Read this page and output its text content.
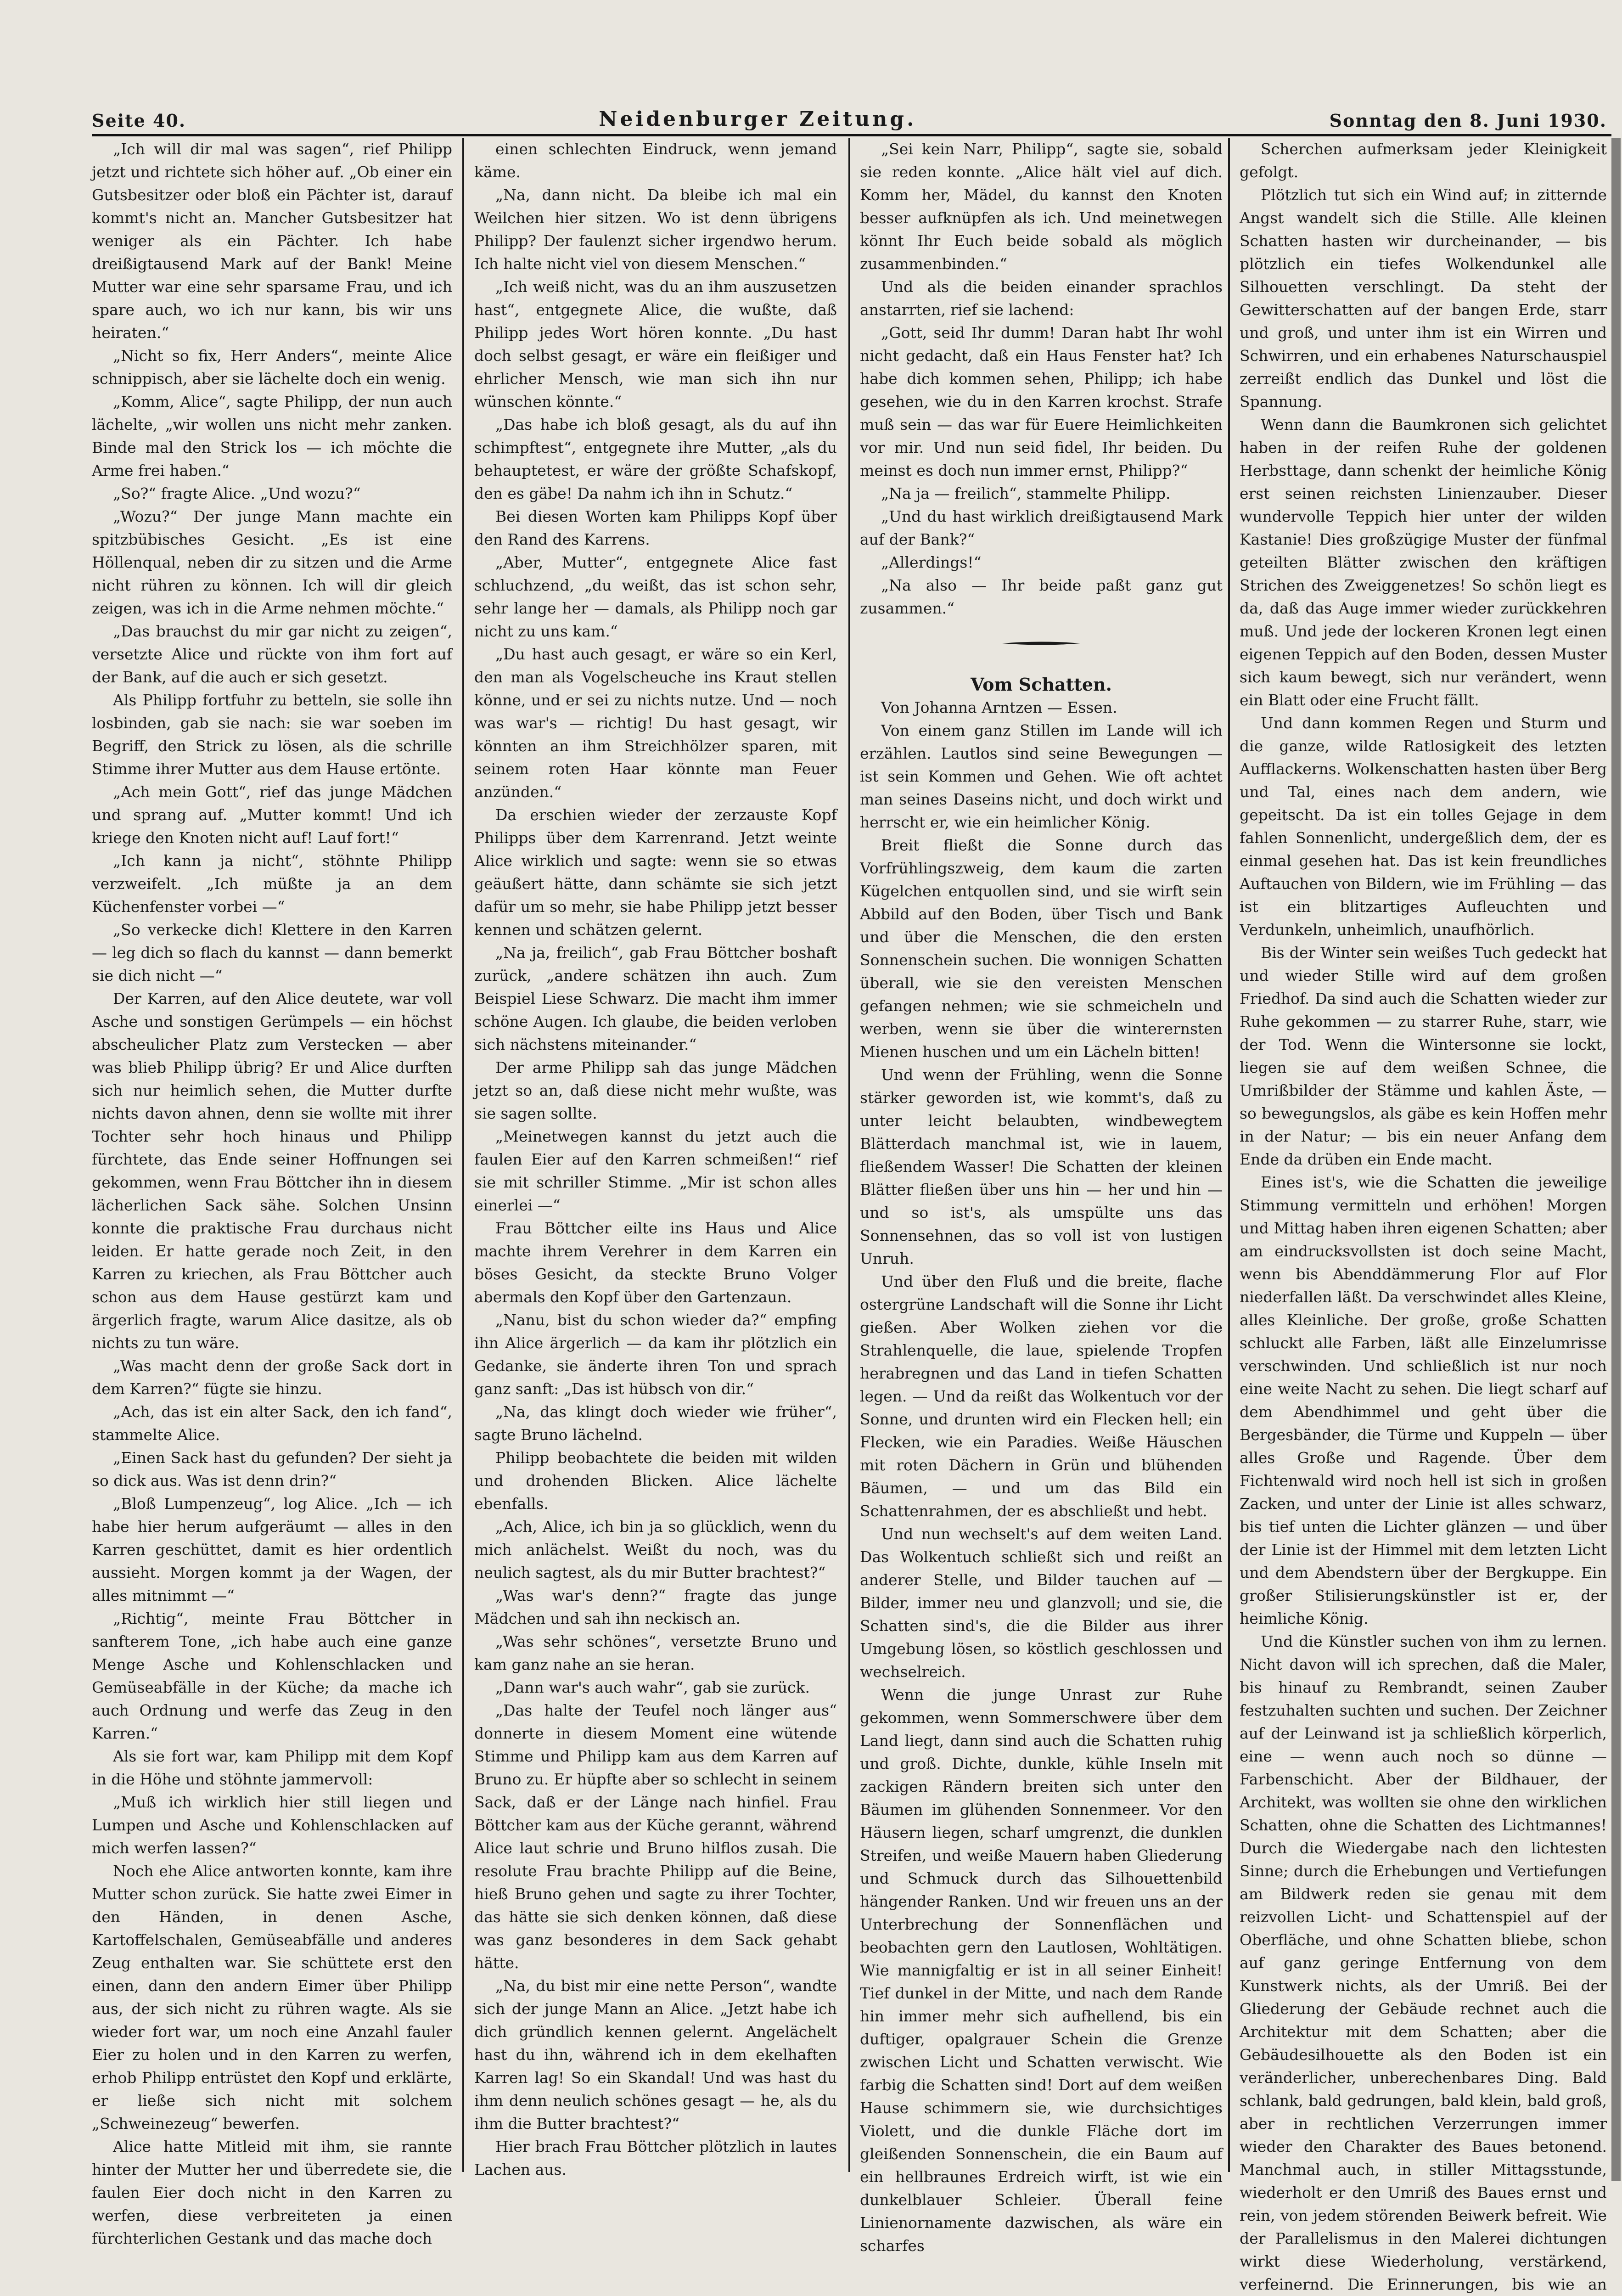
Seite 40.	Neidenburger Zeitung.	Sonntag den 8. Juni 1930.

„Ich will dir mal was sagen“, rief Philipp jetzt und richtete sich höher auf. „Ob einer ein Gutsbesitzer oder bloß ein Pächter ist, darauf kommt's nicht an. Mancher Gutsbesitzer hat weniger als ein Pächter. Ich habe dreißigtausend Mark auf der Bank! Meine Mutter war eine sehr sparsame Frau, und ich spare auch, wo ich nur kann, bis wir uns heiraten.“

„Nicht so fix, Herr Anders“, meinte Alice schnippisch, aber sie lächelte doch ein wenig.

„Komm, Alice“, sagte Philipp, der nun auch lächelte, „wir wollen uns nicht mehr zanken. Binde mal den Strick los — ich möchte die Arme frei haben.“

„So?“ fragte Alice. „Und wozu?“

„Wozu?“ Der junge Mann machte ein spitzbübisches Gesicht. „Es ist eine Höllenqual, neben dir zu sitzen und die Arme nicht rühren zu können. Ich will dir gleich zeigen, was ich in die Arme nehmen möchte.“

„Das brauchst du mir gar nicht zu zeigen“, versetzte Alice und rückte von ihm fort auf der Bank, auf die auch er sich gesetzt.

Als Philipp fortfuhr zu betteln, sie solle ihn losbinden, gab sie nach: sie war soeben im Begriff, den Strick zu lösen, als die schrille Stimme ihrer Mutter aus dem Hause ertönte.

„Ach mein Gott“, rief das junge Mädchen und sprang auf. „Mutter kommt! Und ich kriege den Knoten nicht auf! Lauf fort!“

„Ich kann ja nicht“, stöhnte Philipp verzweifelt. „Ich müßte ja an dem Küchenfenster vorbei —“

„So verkecke dich! Klettere in den Karren — leg dich so flach du kannst — dann bemerkt sie dich nicht —“

Der Karren, auf den Alice deutete, war voll Asche und sonstigen Gerümpels — ein höchst abscheulicher Platz zum Verstecken — aber was blieb Philipp übrig? Er und Alice durften sich nur heimlich sehen, die Mutter durfte nichts davon ahnen, denn sie wollte mit ihrer Tochter sehr hoch hinaus und Philipp fürchtete, das Ende seiner Hoffnungen sei gekommen, wenn Frau Böttcher ihn in diesem lächerlichen Sack sähe. Solchen Unsinn konnte die praktische Frau durchaus nicht leiden. Er hatte gerade noch Zeit, in den Karren zu kriechen, als Frau Böttcher auch schon aus dem Hause gestürzt kam und ärgerlich fragte, warum Alice dasitze, als ob nichts zu tun wäre.

„Was macht denn der große Sack dort in dem Karren?“ fügte sie hinzu.

„Ach, das ist ein alter Sack, den ich fand“, stammelte Alice.

„Einen Sack hast du gefunden? Der sieht ja so dick aus. Was ist denn drin?“

„Bloß Lumpenzeug“, log Alice. „Ich — ich habe hier herum aufgeräumt — alles in den Karren geschüttet, damit es hier ordentlich aussieht. Morgen kommt ja der Wagen, der alles mitnimmt —“

„Richtig“, meinte Frau Böttcher in sanfterem Tone, „ich habe auch eine ganze Menge Asche und Kohlenschlacken und Gemüseabfälle in der Küche; da mache ich auch Ordnung und werfe das Zeug in den Karren.“

Als sie fort war, kam Philipp mit dem Kopf in die Höhe und stöhnte jammervoll:

„Muß ich wirklich hier still liegen und Lumpen und Asche und Kohlenschlacken auf mich werfen lassen?“

Noch ehe Alice antworten konnte, kam ihre Mutter schon zurück. Sie hatte zwei Eimer in den Händen, in denen Asche, Kartoffelschalen, Gemüseabfälle und anderes Zeug enthalten war. Sie schüttete erst den einen, dann den andern Eimer über Philipp aus, der sich nicht zu rühren wagte. Als sie wieder fort war, um noch eine Anzahl fauler Eier zu holen und in den Karren zu werfen, erhob Philipp entrüstet den Kopf und erklärte, er ließe sich nicht mit solchem „Schweinezeug“ bewerfen.

Alice hatte Mitleid mit ihm, sie rannte hinter der Mutter her und überredete sie, die faulen Eier doch nicht in den Karren zu werfen, diese verbreiteten ja einen fürchterlichen Gestank und das mache doch

einen schlechten Eindruck, wenn jemand käme.

„Na, dann nicht. Da bleibe ich mal ein Weilchen hier sitzen. Wo ist denn übrigens Philipp? Der faulenzt sicher irgendwo herum. Ich halte nicht viel von diesem Menschen.“

„Ich weiß nicht, was du an ihm auszusetzen hast“, entgegnete Alice, die wußte, daß Philipp jedes Wort hören konnte. „Du hast doch selbst gesagt, er wäre ein fleißiger und ehrlicher Mensch, wie man sich ihn nur wünschen könnte.“

„Das habe ich bloß gesagt, als du auf ihn schimpftest“, entgegnete ihre Mutter, „als du behauptetest, er wäre der größte Schafskopf, den es gäbe! Da nahm ich ihn in Schutz.“

Bei diesen Worten kam Philipps Kopf über den Rand des Karrens.

„Aber, Mutter“, entgegnete Alice fast schluchzend, „du weißt, das ist schon sehr, sehr lange her — damals, als Philipp noch gar nicht zu uns kam.“

„Du hast auch gesagt, er wäre so ein Kerl, den man als Vogelscheuche ins Kraut stellen könne, und er sei zu nichts nutze. Und — noch was war's — richtig! Du hast gesagt, wir könnten an ihm Streichhölzer sparen, mit seinem roten Haar könnte man Feuer anzünden.“

Da erschien wieder der zerzauste Kopf Philipps über dem Karrenrand. Jetzt weinte Alice wirklich und sagte: wenn sie so etwas geäußert hätte, dann schämte sie sich jetzt dafür um so mehr, sie habe Philipp jetzt besser kennen und schätzen gelernt.

„Na ja, freilich“, gab Frau Böttcher boshaft zurück, „andere schätzen ihn auch. Zum Beispiel Liese Schwarz. Die macht ihm immer schöne Augen. Ich glaube, die beiden verloben sich nächstens miteinander.“

Der arme Philipp sah das junge Mädchen jetzt so an, daß diese nicht mehr wußte, was sie sagen sollte.

„Meinetwegen kannst du jetzt auch die faulen Eier auf den Karren schmeißen!“ rief sie mit schriller Stimme. „Mir ist schon alles einerlei —“

Frau Böttcher eilte ins Haus und Alice machte ihrem Verehrer in dem Karren ein böses Gesicht, da steckte Bruno Volger abermals den Kopf über den Gartenzaun.

„Nanu, bist du schon wieder da?“ empfing ihn Alice ärgerlich — da kam ihr plötzlich ein Gedanke, sie änderte ihren Ton und sprach ganz sanft: „Das ist hübsch von dir.“

„Na, das klingt doch wieder wie früher“, sagte Bruno lächelnd.

Philipp beobachtete die beiden mit wilden und drohenden Blicken. Alice lächelte ebenfalls.

„Ach, Alice, ich bin ja so glücklich, wenn du mich anlächelst. Weißt du noch, was du neulich sagtest, als du mir Butter brachtest?“

„Was war's denn?“ fragte das junge Mädchen und sah ihn neckisch an.

„Was sehr schönes“, versetzte Bruno und kam ganz nahe an sie heran.

„Dann war's auch wahr“, gab sie zurück.

„Das halte der Teufel noch länger aus“ donnerte in diesem Moment eine wütende Stimme und Philipp kam aus dem Karren auf Bruno zu. Er hüpfte aber so schlecht in seinem Sack, daß er der Länge nach hinfiel. Frau Böttcher kam aus der Küche gerannt, während Alice laut schrie und Bruno hilflos zusah. Die resolute Frau brachte Philipp auf die Beine, hieß Bruno gehen und sagte zu ihrer Tochter, das hätte sie sich denken können, daß diese was ganz besonderes in dem Sack gehabt hätte.

„Na, du bist mir eine nette Person“, wandte sich der junge Mann an Alice. „Jetzt habe ich dich gründlich kennen gelernt. Angelächelt hast du ihn, während ich in dem ekelhaften Karren lag! So ein Skandal! Und was hast du ihm denn neulich schönes gesagt — he, als du ihm die Butter brachtest?“

Hier brach Frau Böttcher plötzlich in lautes Lachen aus.

„Sei kein Narr, Philipp“, sagte sie, sobald sie reden konnte. „Alice hält viel auf dich. Komm her, Mädel, du kannst den Knoten besser aufknüpfen als ich. Und meinetwegen könnt Ihr Euch beide sobald als möglich zusammenbinden.“

Und als die beiden einander sprachlos anstarrten, rief sie lachend:

„Gott, seid Ihr dumm! Daran habt Ihr wohl nicht gedacht, daß ein Haus Fenster hat? Ich habe dich kommen sehen, Philipp; ich habe gesehen, wie du in den Karren krochst. Strafe muß sein — das war für Euere Heimlichkeiten vor mir. Und nun seid fidel, Ihr beiden. Du meinst es doch nun immer ernst, Philipp?“

„Na ja — freilich“, stammelte Philipp.

„Und du hast wirklich dreißigtausend Mark auf der Bank?“

„Allerdings!“

„Na also — Ihr beide paßt ganz gut zusammen.“

Vom Schatten.

Von Johanna Arntzen — Essen.

Von einem ganz Stillen im Lande will ich erzählen. Lautlos sind seine Bewegungen — ist sein Kommen und Gehen. Wie oft achtet man seines Daseins nicht, und doch wirkt und herrscht er, wie ein heimlicher König.

Breit fließt die Sonne durch das Vorfrühlingszweig, dem kaum die zarten Kügelchen entquollen sind, und sie wirft sein Abbild auf den Boden, über Tisch und Bank und über die Menschen, die den ersten Sonnenschein suchen. Die wonnigen Schatten überall, wie sie den vereisten Menschen gefangen nehmen; wie sie schmeicheln und werben, wenn sie über die winterernsten Mienen huschen und um ein Lächeln bitten!

Und wenn der Frühling, wenn die Sonne stärker geworden ist, wie kommt's, daß zu unter leicht belaubten, windbewegtem Blätterdach manchmal ist, wie in lauem, fließendem Wasser! Die Schatten der kleinen Blätter fließen über uns hin — her und hin — und so ist's, als umspülte uns das Sonnensehnen, das so voll ist von lustigen Unruh.

Und über den Fluß und die breite, flache ostergrüne Landschaft will die Sonne ihr Licht gießen. Aber Wolken ziehen vor die Strahlenquelle, die laue, spielende Tropfen herabregnen und das Land in tiefen Schatten legen. — Und da reißt das Wolkentuch vor der Sonne, und drunten wird ein Flecken hell; ein Flecken, wie ein Paradies. Weiße Häuschen mit roten Dächern in Grün und blühenden Bäumen, — und um das Bild ein Schattenrahmen, der es abschließt und hebt.

Und nun wechselt's auf dem weiten Land. Das Wolkentuch schließt sich und reißt an anderer Stelle, und Bilder tauchen auf — Bilder, immer neu und glanzvoll; und sie, die Schatten sind's, die die Bilder aus ihrer Umgebung lösen, so köstlich geschlossen und wechselreich.

Wenn die junge Unrast zur Ruhe gekommen, wenn Sommerschwere über dem Land liegt, dann sind auch die Schatten ruhig und groß. Dichte, dunkle, kühle Inseln mit zackigen Rändern breiten sich unter den Bäumen im glühenden Sonnenmeer. Vor den Häusern liegen, scharf umgrenzt, die dunklen Streifen, und weiße Mauern haben Gliederung und Schmuck durch das Silhouettenbild hängender Ranken. Und wir freuen uns an der Unterbrechung der Sonnenflächen und beobachten gern den Lautlosen, Wohltätigen. Wie mannigfaltig er ist in all seiner Einheit! Tief dunkel in der Mitte, und nach dem Rande hin immer mehr sich aufhellend, bis ein duftiger, opalgrauer Schein die Grenze zwischen Licht und Schatten verwischt. Wie farbig die Schatten sind! Dort auf dem weißen Hause schimmern sie, wie durchsichtiges Violett, und die dunkle Fläche dort im gleißenden Sonnenschein, die ein Baum auf ein hellbraunes Erdreich wirft, ist wie ein dunkelblauer Schleier. Überall feine Linienornamente dazwischen, als wäre ein scharfes

Scherchen aufmerksam jeder Kleinigkeit gefolgt.

Plötzlich tut sich ein Wind auf; in zitternde Angst wandelt sich die Stille. Alle kleinen Schatten hasten wir durcheinander, — bis plötzlich ein tiefes Wolkendunkel alle Silhouetten verschlingt. Da steht der Gewitterschatten auf der bangen Erde, starr und groß, und unter ihm ist ein Wirren und Schwirren, und ein erhabenes Naturschauspiel zerreißt endlich das Dunkel und löst die Spannung.

Wenn dann die Baumkronen sich gelichtet haben in der reifen Ruhe der goldenen Herbsttage, dann schenkt der heimliche König erst seinen reichsten Linienzauber. Dieser wundervolle Teppich hier unter der wilden Kastanie! Dies großzügige Muster der fünfmal geteilten Blätter zwischen den kräftigen Strichen des Zweiggenetzes! So schön liegt es da, daß das Auge immer wieder zurückkehren muß. Und jede der lockeren Kronen legt einen eigenen Teppich auf den Boden, dessen Muster sich kaum bewegt, sich nur verändert, wenn ein Blatt oder eine Frucht fällt.

Und dann kommen Regen und Sturm und die ganze, wilde Ratlosigkeit des letzten Aufflackerns. Wolkenschatten hasten über Berg und Tal, eines nach dem andern, wie gepeitscht. Da ist ein tolles Gejage in dem fahlen Sonnenlicht, undergeßlich dem, der es einmal gesehen hat. Das ist kein freundliches Auftauchen von Bildern, wie im Frühling — das ist ein blitzartiges Aufleuchten und Verdunkeln, unheimlich, unaufhörlich.

Bis der Winter sein weißes Tuch gedeckt hat und wieder Stille wird auf dem großen Friedhof. Da sind auch die Schatten wieder zur Ruhe gekommen — zu starrer Ruhe, starr, wie der Tod. Wenn die Wintersonne sie lockt, liegen sie auf dem weißen Schnee, die Umrißbilder der Stämme und kahlen Äste, — so bewegungslos, als gäbe es kein Hoffen mehr in der Natur; — bis ein neuer Anfang dem Ende da drüben ein Ende macht.

Eines ist's, wie die Schatten die jeweilige Stimmung vermitteln und erhöhen! Morgen und Mittag haben ihren eigenen Schatten; aber am eindrucksvollsten ist doch seine Macht, wenn bis Abenddämmerung Flor auf Flor niederfallen läßt. Da verschwindet alles Kleine, alles Kleinliche. Der große, große Schatten schluckt alle Farben, läßt alle Einzelumrisse verschwinden. Und schließlich ist nur noch eine weite Nacht zu sehen. Die liegt scharf auf dem Abendhimmel und geht über die Bergesbänder, die Türme und Kuppeln — über alles Große und Ragende. Über dem Fichtenwald wird noch hell ist sich in großen Zacken, und unter der Linie ist alles schwarz, bis tief unten die Lichter glänzen — und über der Linie ist der Himmel mit dem letzten Licht und dem Abendstern über der Bergkuppe. Ein großer Stilisierungskünstler ist er, der heimliche König.

Und die Künstler suchen von ihm zu lernen. Nicht davon will ich sprechen, daß die Maler, bis hinauf zu Rembrandt, seinen Zauber festzuhalten suchten und suchen. Der Zeichner auf der Leinwand ist ja schließlich körperlich, eine — wenn auch noch so dünne — Farbenschicht. Aber der Bildhauer, der Architekt, was wollten sie ohne den wirklichen Schatten, ohne die Schatten des Lichtmannes! Durch die Wiedergabe nach den lichtesten Sinne; durch die Erhebungen und Vertiefungen am Bildwerk reden sie genau mit dem reizvollen Licht- und Schattenspiel auf der Oberfläche, und ohne Schatten bliebe, schon auf ganz geringe Entfernung von dem Kunstwerk nichts, als der Umriß. Bei der Gliederung der Gebäude rechnet auch die Architektur mit dem Schatten; aber die Gebäudesilhouette als den Boden ist ein veränderlicher, unberechenbares Ding. Bald schlank, bald gedrungen, bald klein, bald groß, aber in rechtlichen Verzerrungen immer wieder den Charakter des Baues betonend. Manchmal auch, in stiller Mittagsstunde, wiederholt er den Umriß des Baues ernst und rein, von jedem störenden Beiwerk befreit. Wie der Parallelismus in den Malerei dichtungen wirkt diese Wiederholung, verstärkend, verfeinernd. Die Erinnerungen, bis wie an
